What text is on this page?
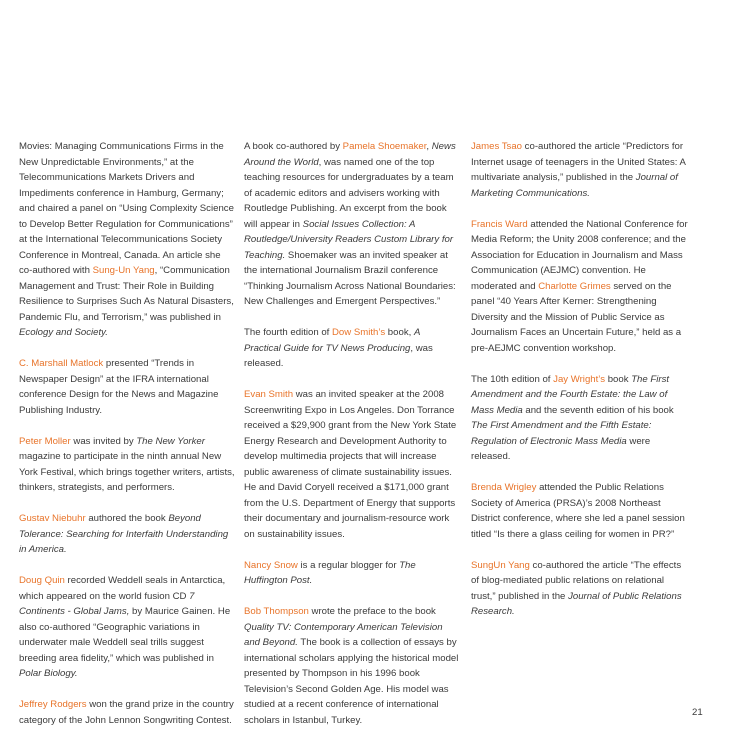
Movies: Managing Communications Firms in the New Unpredictable Environments,” at the Telecommunications Markets Drivers and Impediments conference in Hamburg, Germany; and chaired a panel on “Using Complexity Science to Develop Better Regulation for Communications” at the International Telecommunications Society Conference in Montreal, Canada. An article she co-authored with Sung-Un Yang, “Communication Management and Trust: Their Role in Building Resilience to Surprises Such As Natural Disasters, Pandemic Flu, and Terrorism,” was published in Ecology and Society.

C. Marshall Matlock presented “Trends in Newspaper Design” at the IFRA international conference Design for the News and Magazine Publishing Industry.

Peter Moller was invited by The New Yorker magazine to participate in the ninth annual New York Festival, which brings together writers, artists, thinkers, strategists, and performers.

Gustav Niebuhr authored the book Beyond Tolerance: Searching for Interfaith Understanding in America.

Doug Quin recorded Weddell seals in Antarctica, which appeared on the world fusion CD 7 Continents - Global Jams, by Maurice Gainen. He also co-authored “Geographic variations in underwater male Weddell seal trills suggest breeding area fidelity,” which was published in Polar Biology.

Jeffrey Rodgers won the grand prize in the country category of the John Lennon Songwriting Contest.

A book co-authored by Pamela Shoemaker, News Around the World, was named one of the top teaching resources for undergraduates by a team of academic editors and advisers working with Routledge Publishing. An excerpt from the book will appear in Social Issues Collection: A Routledge/University Readers Custom Library for Teaching. Shoemaker was an invited speaker at the international Journalism Brazil conference “Thinking Journalism Across National Boundaries: New Challenges and Emergent Perspectives.”

The fourth edition of Dow Smith’s book, A Practical Guide for TV News Producing, was released.

Evan Smith was an invited speaker at the 2008 Screenwriting Expo in Los Angeles. Don Torrance received a $29,900 grant from the New York State Energy Research and Development Authority to develop multimedia projects that will increase public awareness of climate sustainability issues. He and David Coryell received a $171,000 grant from the U.S. Department of Energy that supports their documentary and journalism-resource work on sustainability issues.

Nancy Snow is a regular blogger for The Huffington Post.

Bob Thompson wrote the preface to the book Quality TV: Contemporary American Television and Beyond. The book is a collection of essays by international scholars applying the historical model presented by Thompson in his 1996 book Television’s Second Golden Age. His model was studied at a recent conference of international scholars in Istanbul, Turkey.

James Tsao co-authored the article “Predictors for Internet usage of teenagers in the United States: A multivariate analysis,” published in the Journal of Marketing Communications.

Francis Ward attended the National Conference for Media Reform; the Unity 2008 conference; and the Association for Education in Journalism and Mass Communication (AEJMC) convention. He moderated and Charlotte Grimes served on the panel “40 Years After Kerner: Strengthening Diversity and the Mission of Public Service as Journalism Faces an Uncertain Future,” held as a pre-AEJMC convention workshop.

The 10th edition of Jay Wright’s book The First Amendment and the Fourth Estate: the Law of Mass Media and the seventh edition of his book The First Amendment and the Fifth Estate: Regulation of Electronic Mass Media were released.

Brenda Wrigley attended the Public Relations Society of America (PRSA)’s 2008 Northeast District conference, where she led a panel session titled “Is there a glass ceiling for women in PR?”

SungUn Yang co-authored the article “The effects of blog-mediated public relations on relational trust,” published in the Journal of Public Relations Research.

21
